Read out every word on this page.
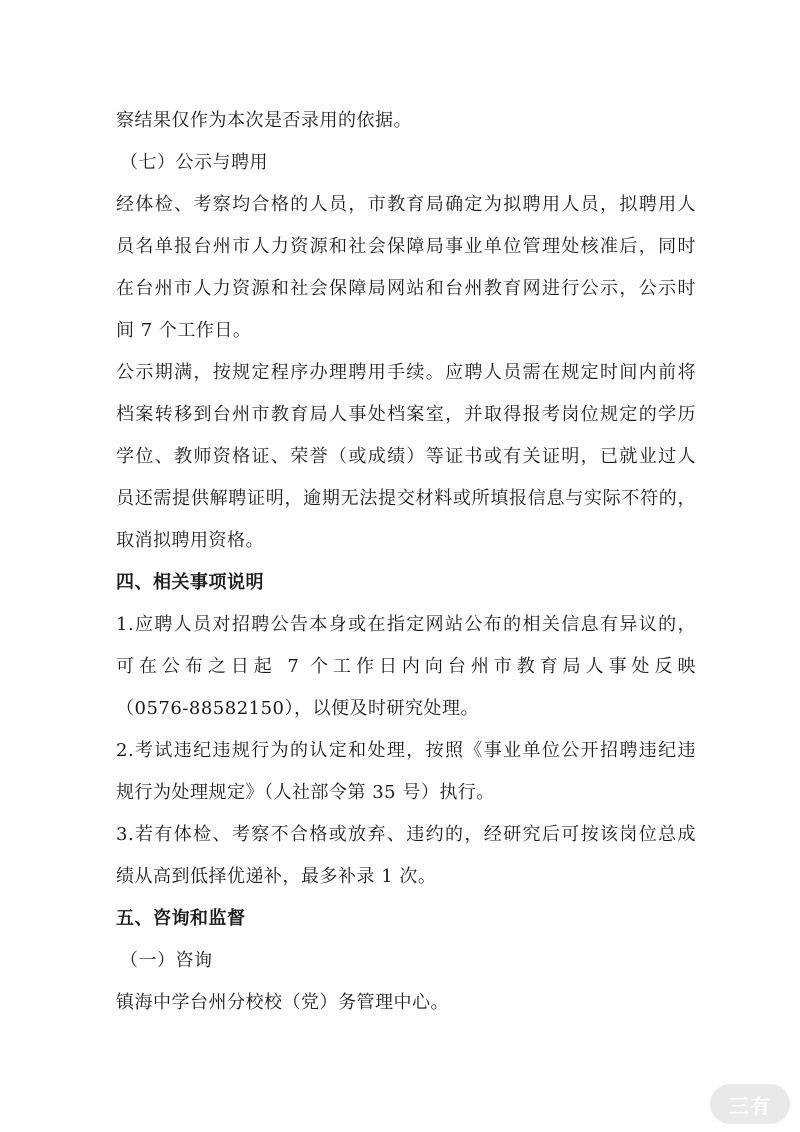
察结果仅作为本次是否录用的依据。
（七）公示与聘用
经体检、考察均合格的人员，市教育局确定为拟聘用人员，拟聘用人
员名单报台州市人力资源和社会保障局事业单位管理处核准后，同时
在台州市人力资源和社会保障局网站和台州教育网进行公示，公示时
间 7 个工作日。
公示期满，按规定程序办理聘用手续。应聘人员需在规定时间内前将
档案转移到台州市教育局人事处档案室，并取得报考岗位规定的学历
学位、教师资格证、荣誉（或成绩）等证书或有关证明，已就业过人
员还需提供解聘证明，逾期无法提交材料或所填报信息与实际不符的，
取消拟聘用资格。
四、相关事项说明
1.应聘人员对招聘公告本身或在指定网站公布的相关信息有异议的，
可在公布之日起 7 个工作日内向台州市教育局人事处反映
（0576-88582150），以便及时研究处理。
2.考试违纪违规行为的认定和处理，按照《事业单位公开招聘违纪违
规行为处理规定》（人社部令第 35 号）执行。
3.若有体检、考察不合格或放弃、违约的，经研究后可按该岗位总成
绩从高到低择优递补，最多补录 1 次。
五、咨询和监督
（一）咨询
镇海中学台州分校校（党）务管理中心。
三有
